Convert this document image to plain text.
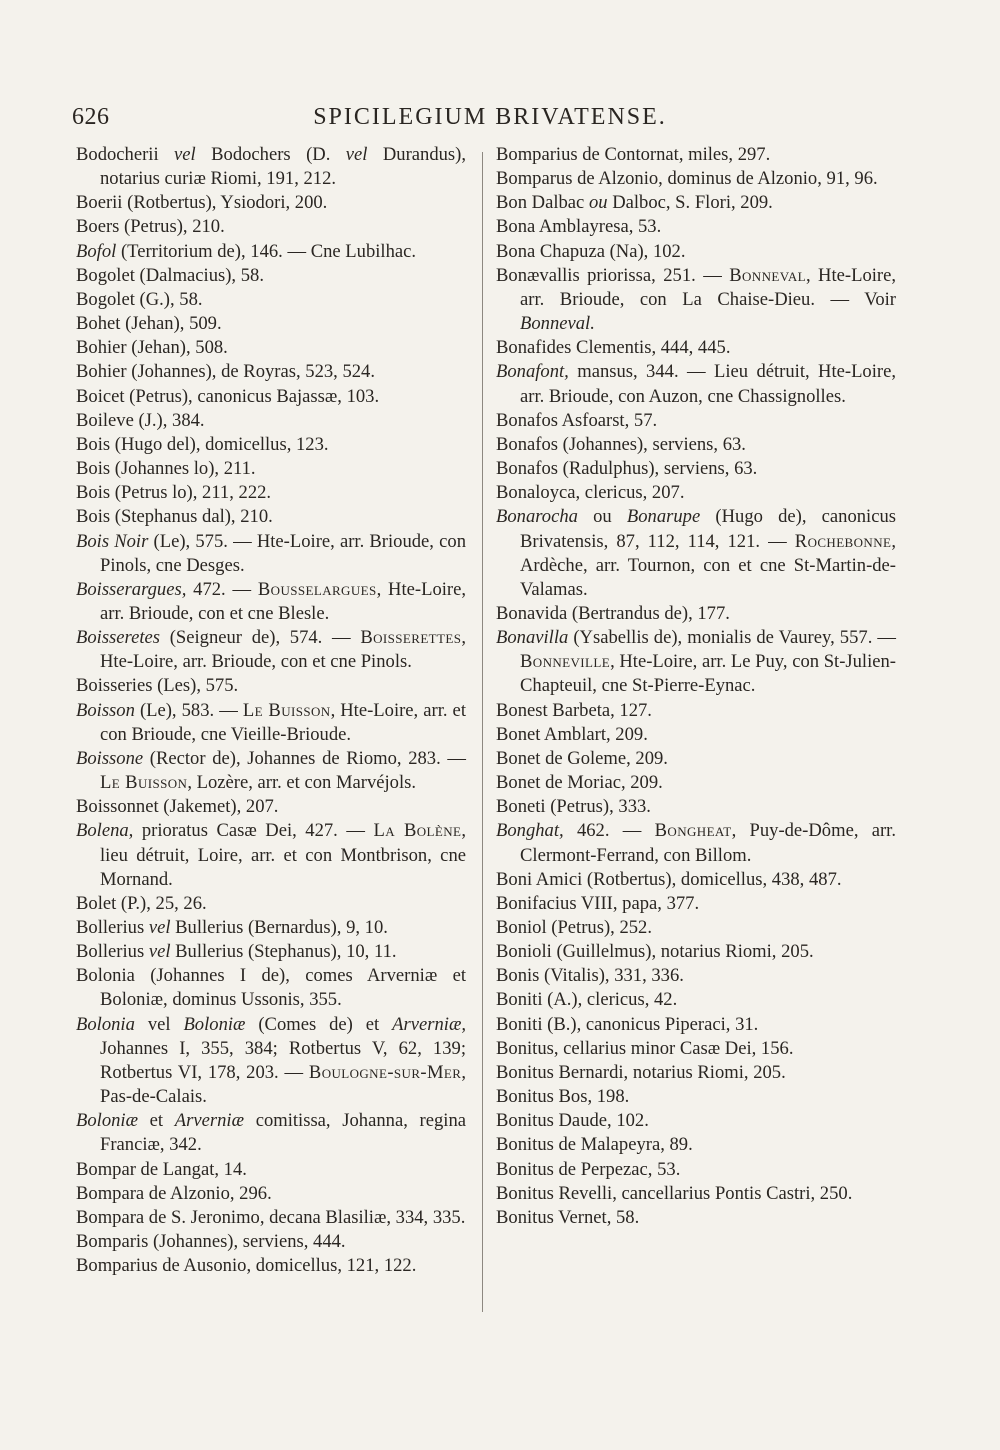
626	SPICILEGIUM BRIVATENSE.

Bodocherii vel Bodochers (D. vel Durandus), notarius curiæ Riomi, 191, 212.

Boerii (Rotbertus), Ysiodori, 200.

Boers (Petrus), 210.

Bofol (Territorium de), 146. — Cne Lubilhac.

Bogolet (Dalmacius), 58.

Bogolet (G.), 58.

Bohet (Jehan), 509.

Bohier (Jehan), 508.

Bohier (Johannes), de Royras, 523, 524.

Boicet (Petrus), canonicus Bajassæ, 103.

Boileve (J.), 384.

Bois (Hugo del), domicellus, 123.

Bois (Johannes lo), 211.

Bois (Petrus lo), 211, 222.

Bois (Stephanus dal), 210.

Bois Noir (Le), 575. — Hte-Loire, arr. Brioude, con Pinols, cne Desges.

Boisserargues, 472. — Bousselargues, Hte-Loire, arr. Brioude, con et cne Blesle.

Boisseretes (Seigneur de), 574. — Boisserettes, Hte-Loire, arr. Brioude, con et cne Pinols.

Boisseries (Les), 575.

Boisson (Le), 583. — Le Buisson, Hte-Loire, arr. et con Brioude, cne Vieille-Brioude.

Boissone (Rector de), Johannes de Riomo, 283. — Le Buisson, Lozère, arr. et con Marvéjols.

Boissonnet (Jakemet), 207.

Bolena, prioratus Casæ Dei, 427. — La Bolène, lieu détruit, Loire, arr. et con Montbrison, cne Mornand.

Bolet (P.), 25, 26.

Bollerius vel Bullerius (Bernardus), 9, 10.

Bollerius vel Bullerius (Stephanus), 10, 11.

Bolonia (Johannes I de), comes Arverniæ et Boloniæ, dominus Ussonis, 355.

Bolonia vel Boloniæ (Comes de) et Arverniæ, Johannes I, 355, 384; Rotbertus V, 62, 139; Rotbertus VI, 178, 203. — Boulogne-sur-Mer, Pas-de-Calais.

Boloniæ et Arverniæ comitissa, Johanna, regina Franciæ, 342.

Bompar de Langat, 14.

Bompara de Alzonio, 296.

Bompara de S. Jeronimo, decana Blasiliæ, 334, 335.

Bomparis (Johannes), serviens, 444.

Bomparius de Ausonio, domicellus, 121, 122.

Bomparius de Contornat, miles, 297.

Bomparus de Alzonio, dominus de Alzonio, 91, 96.

Bon Dalbac ou Dalboc, S. Flori, 209.

Bona Amblayresa, 53.

Bona Chapuza (Na), 102.

Bonævallis priorissa, 251. — Bonneval, Hte-Loire, arr. Brioude, con La Chaise-Dieu. — Voir Bonneval.

Bonafides Clementis, 444, 445.

Bonafont, mansus, 344. — Lieu détruit, Hte-Loire, arr. Brioude, con Auzon, cne Chassignolles.

Bonafos Asfoarst, 57.

Bonafos (Johannes), serviens, 63.

Bonafos (Radulphus), serviens, 63.

Bonaloyca, clericus, 207.

Bonarocha ou Bonarupe (Hugo de), canonicus Brivatensis, 87, 112, 114, 121. — Rochebonne, Ardèche, arr. Tournon, con et cne St-Martin-de-Valamas.

Bonavida (Bertrandus de), 177.

Bonavilla (Ysabellis de), monialis de Vaurey, 557. — Bonneville, Hte-Loire, arr. Le Puy, con St-Julien-Chapteuil, cne St-Pierre-Eynac.

Bonest Barbeta, 127.

Bonet Amblart, 209.

Bonet de Goleme, 209.

Bonet de Moriac, 209.

Boneti (Petrus), 333.

Bonghat, 462. — Bongheat, Puy-de-Dôme, arr. Clermont-Ferrand, con Billom.

Boni Amici (Rotbertus), domicellus, 438, 487.

Bonifacius VIII, papa, 377.

Boniol (Petrus), 252.

Bonioli (Guillelmus), notarius Riomi, 205.

Bonis (Vitalis), 331, 336.

Boniti (A.), clericus, 42.

Boniti (B.), canonicus Piperaci, 31.

Bonitus, cellarius minor Casæ Dei, 156.

Bonitus Bernardi, notarius Riomi, 205.

Bonitus Bos, 198.

Bonitus Daude, 102.

Bonitus de Malapeyra, 89.

Bonitus de Perpezac, 53.

Bonitus Revelli, cancellarius Pontis Castri, 250.

Bonitus Vernet, 58.
